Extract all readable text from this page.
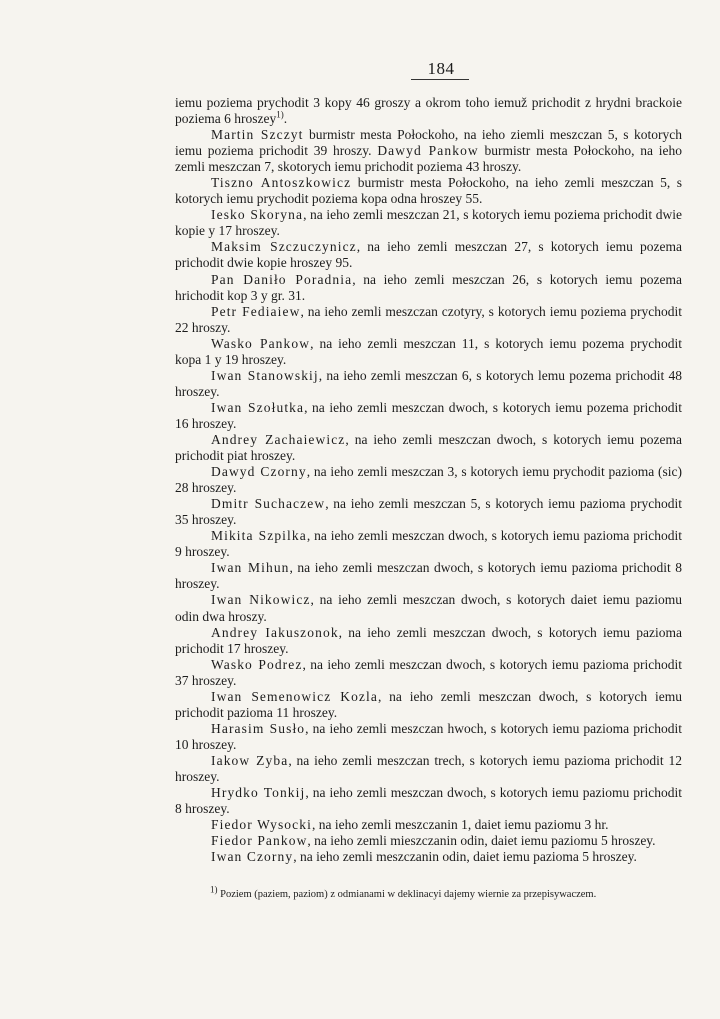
184

iemu poziema prychodit 3 kopy 46 groszy a okrom toho iemuž prichodit z hrydni brackoie poziema 6 hroszey$^{1)}$.

Martin Szczyt burmistr mesta Połockoho, na ieho ziemli meszczan 5, s kotorych iemu poziema prichodit 39 hroszy. Dawyd Pankow burmistr mesta Połockoho, na ieho zemli meszczan 7, skotorych iemu prichodit poziema 43 hroszy.

Tiszno Antoszkowicz burmistr mesta Połockoho, na ieho zemli meszczan 5, s kotorych iemu prychodit poziema kopa odna hroszey 55.

Iesko Skoryna, na ieho zemli meszczan 21, s kotorych iemu poziema prichodit dwie kopie y 17 hroszey.

Maksim Szczuczynicz, na ieho zemli meszczan 27, s kotorych iemu pozema prichodit dwie kopie hroszey 95.

Pan Daniło Poradnia, na ieho zemli meszczan 26, s kotorych iemu pozema hrichodit kop 3 y gr. 31.

Petr Fediaiew, na ieho zemli meszczan czotyry, s kotorych iemu poziema prychodit 22 hroszy.

Wasko Pankow, na ieho zemli meszczan 11, s kotorych iemu pozema prychodit kopa 1 y 19 hroszey.

Iwan Stanowskij, na ieho zemli meszczan 6, s kotorych lemu pozema prichodit 48 hroszey.

Iwan Szołutka, na ieho zemli meszczan dwoch, s kotorych iemu pozema prichodit 16 hroszey.

Andrey Zachaiewicz, na ieho zemli meszczan dwoch, s kotorych iemu pozema prichodit piat hroszey.

Dawyd Czorny, na ieho zemli meszczan 3, s kotorych iemu prychodit pazioma (sic) 28 hroszey.

Dmitr Suchaczew, na ieho zemli meszczan 5, s kotorych iemu pazioma prychodit 35 hroszey.

Mikita Szpilka, na ieho zemli meszczan dwoch, s kotorych iemu pazioma prichodit 9 hroszey.

Iwan Mihun, na ieho zemli meszczan dwoch, s kotorych iemu pazioma prichodit 8 hroszey.

Iwan Nikowicz, na ieho zemli meszczan dwoch, s kotorych daiet iemu paziomu odin dwa hroszy.

Andrey Iakuszonok, na ieho zemli meszczan dwoch, s kotorych iemu pazioma prichodit 17 hroszey.

Wasko Podrez, na ieho zemli meszczan dwoch, s kotorych iemu pazioma prichodit 37 hroszey.

Iwan Semenowicz Kozla, na ieho zemli meszczan dwoch, s kotorych iemu prichodit pazioma 11 hroszey.

Harasim Susło, na ieho zemli meszczan hwoch, s kotorych iemu pazioma prichodit 10 hroszey.

Iakow Zyba, na ieho zemli meszczan trech, s kotorych iemu pazioma prichodit 12 hroszey.

Hrydko Tonkij, na ieho zemli meszczan dwoch, s kotorych iemu paziomu prichodit 8 hroszey.

Fiedor Wysocki, na ieho zemli meszczanin 1, daiet iemu paziomu 3 hr.

Fiedor Pankow, na ieho zemli mieszczanin odin, daiet iemu paziomu 5 hroszey.

Iwan Czorny, na ieho zemli meszczanin odin, daiet iemu pazioma 5 hroszey.

1) Poziem (paziem, paziom) z odmianami w deklinacyi dajemy wiernie za przepisywaczem.
